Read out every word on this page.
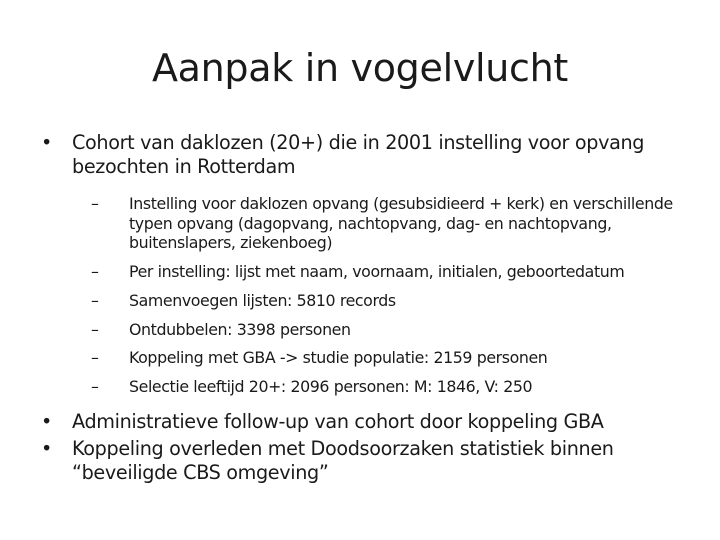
Aanpak in vogelvlucht
• Cohort van daklozen (20+) die in 2001 instelling voor opvang bezochten in Rotterdam
– Instelling voor daklozen opvang (gesubsidieerd + kerk) en verschillende typen opvang (dagopvang, nachtopvang, dag- en nachtopvang, buitenslapers, ziekenboeg)
– Per instelling: lijst met naam, voornaam, initialen, geboortedatum
– Samenvoegen lijsten: 5810 records
– Ontdubbelen: 3398 personen
– Koppeling met GBA -> studie populatie: 2159 personen
– Selectie leeftijd 20+: 2096 personen: M: 1846, V: 250
• Administratieve follow-up van cohort door koppeling GBA
• Koppeling overleden met Doodsoorzaken statistiek binnen “beveiligde CBS omgeving”
